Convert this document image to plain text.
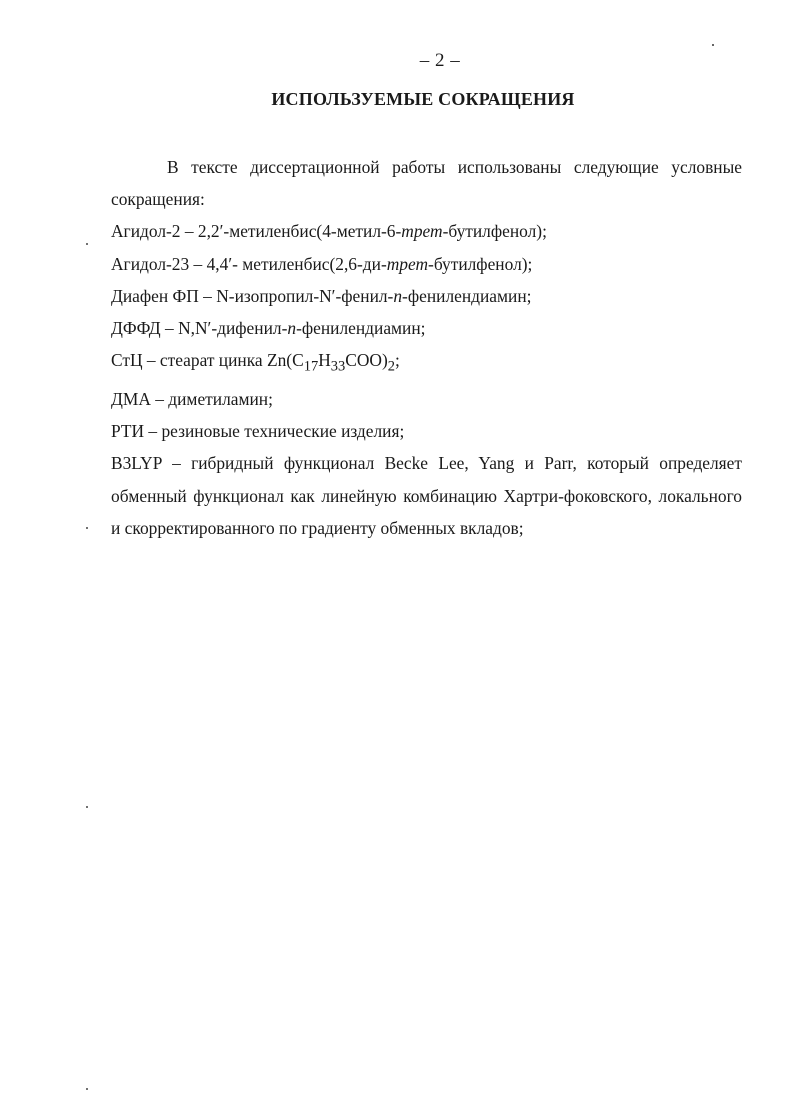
– 2 –
ИСПОЛЬЗУЕМЫЕ СОКРАЩЕНИЯ

В тексте диссертационной работы использованы следующие условные сокращения:

Агидол-2 – 2,2′-метиленбис(4-метил-6-трет-бутилфенол);

Агидол-23 – 4,4′- метиленбис(2,6-ди-трет-бутилфенол);

Диафен ФП – N-изопропил-N′-фенил-п-фенилендиамин;

ДФФД – N,N′-дифенил-п-фенилендиамин;

СтЦ – стеарат цинка $Zn(C_{17}H_{33}COO)_2$;

ДМА – диметиламин;

РТИ – резиновые технические изделия;

B3LYP – гибридный функционал Becke Lee, Yang и Parr, который определяет обменный функционал как линейную комбинацию Хартри-фоковского, локального и скорректированного по градиенту обменных вкладов;
